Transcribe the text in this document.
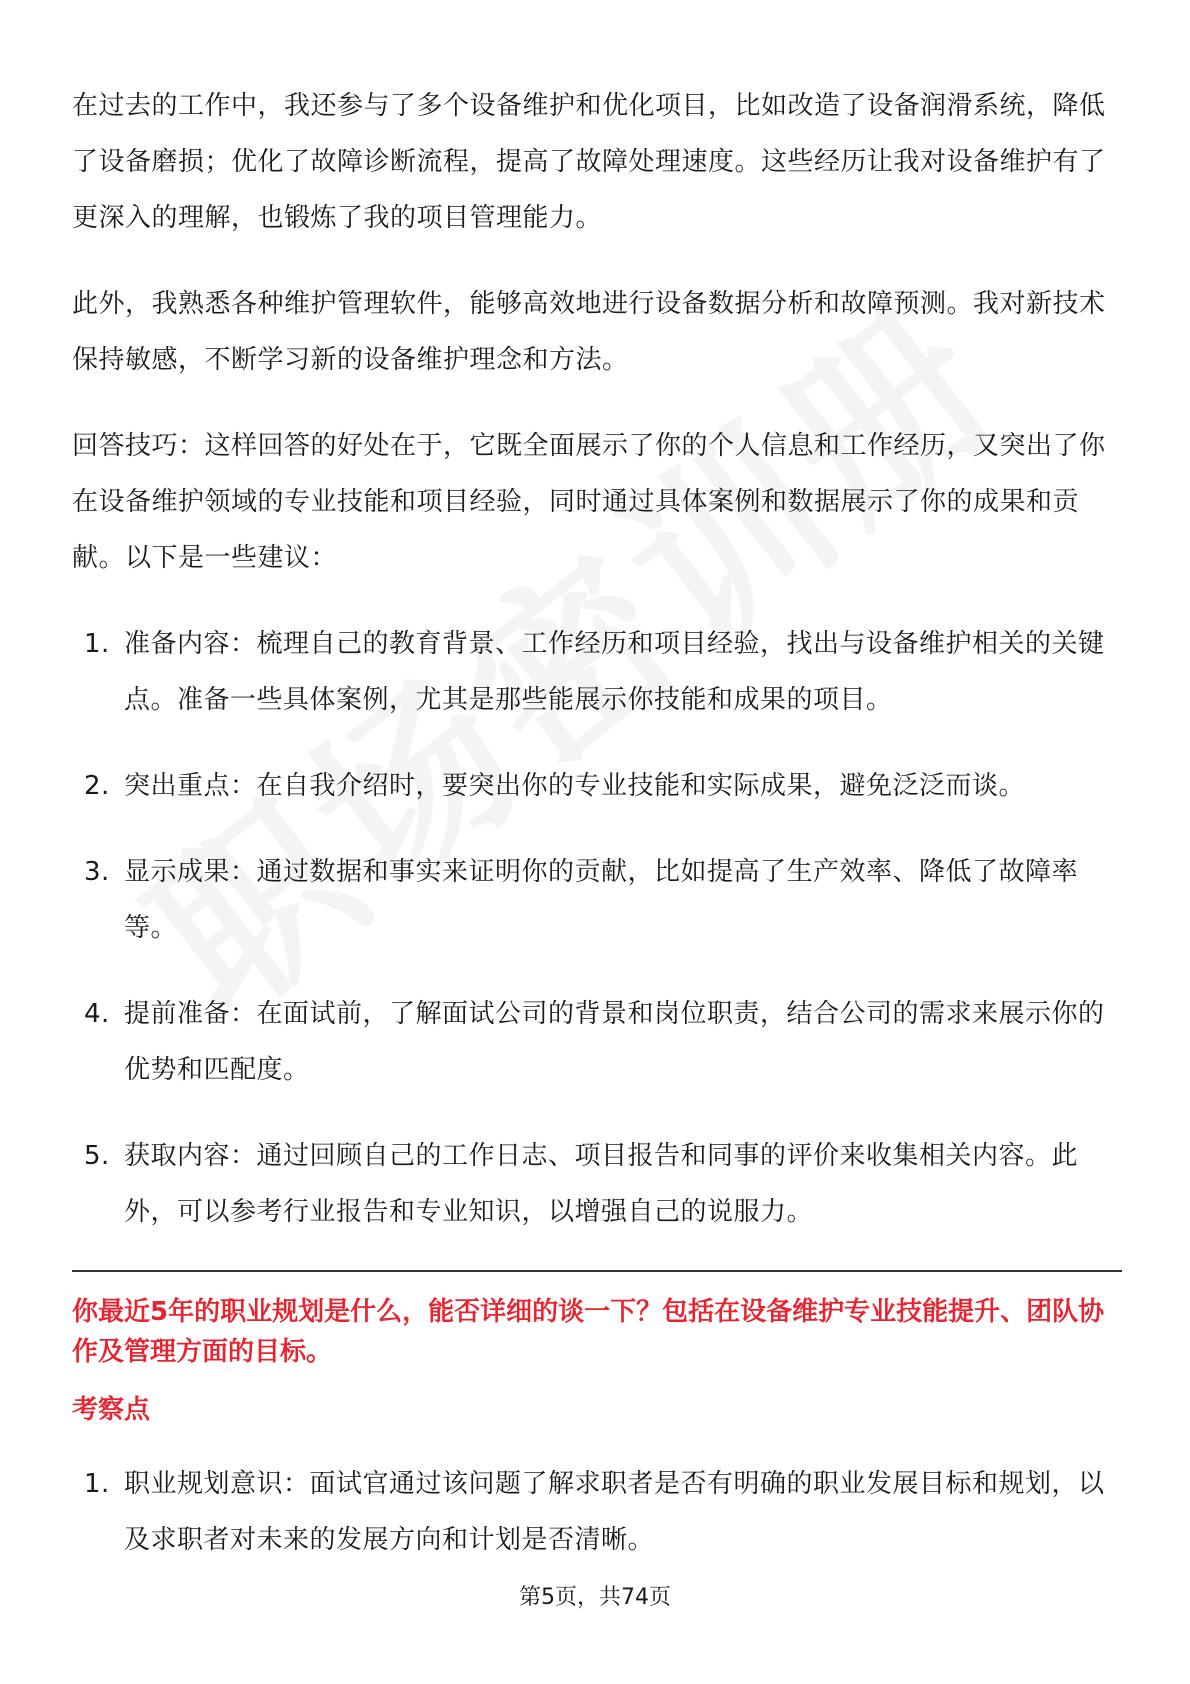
在过去的工作中，我还参与了多个设备维护和优化项目，比如改造了设备润滑系统，降低了设备磨损；优化了故障诊断流程，提高了故障处理速度。这些经历让我对设备维护有了更深入的理解，也锻炼了我的项目管理能力。

此外，我熟悉各种维护管理软件，能够高效地进行设备数据分析和故障预测。我对新技术保持敏感，不断学习新的设备维护理念和方法。

回答技巧：这样回答的好处在于，它既全面展示了你的个人信息和工作经历，又突出了你在设备维护领域的专业技能和项目经验，同时通过具体案例和数据展示了你的成果和贡献。以下是一些建议：

1. 准备内容：梳理自己的教育背景、工作经历和项目经验，找出与设备维护相关的关键点。准备一些具体案例，尤其是那些能展示你技能和成果的项目。
2. 突出重点：在自我介绍时，要突出你的专业技能和实际成果，避免泛泛而谈。
3. 显示成果：通过数据和事实来证明你的贡献，比如提高了生产效率、降低了故障率等。
4. 提前准备：在面试前，了解面试公司的背景和岗位职责，结合公司的需求来展示你的优势和匹配度。
5. 获取内容：通过回顾自己的工作日志、项目报告和同事的评价来收集相关内容。此外，可以参考行业报告和专业知识，以增强自己的说服力。
你最近5年的职业规划是什么，能否详细的谈一下？包括在设备维护专业技能提升、团队协作及管理方面的目标。
考察点
1. 职业规划意识：面试官通过该问题了解求职者是否有明确的职业发展目标和规划，以及求职者对未来的发展方向和计划是否清晰。
第5页，共74页
